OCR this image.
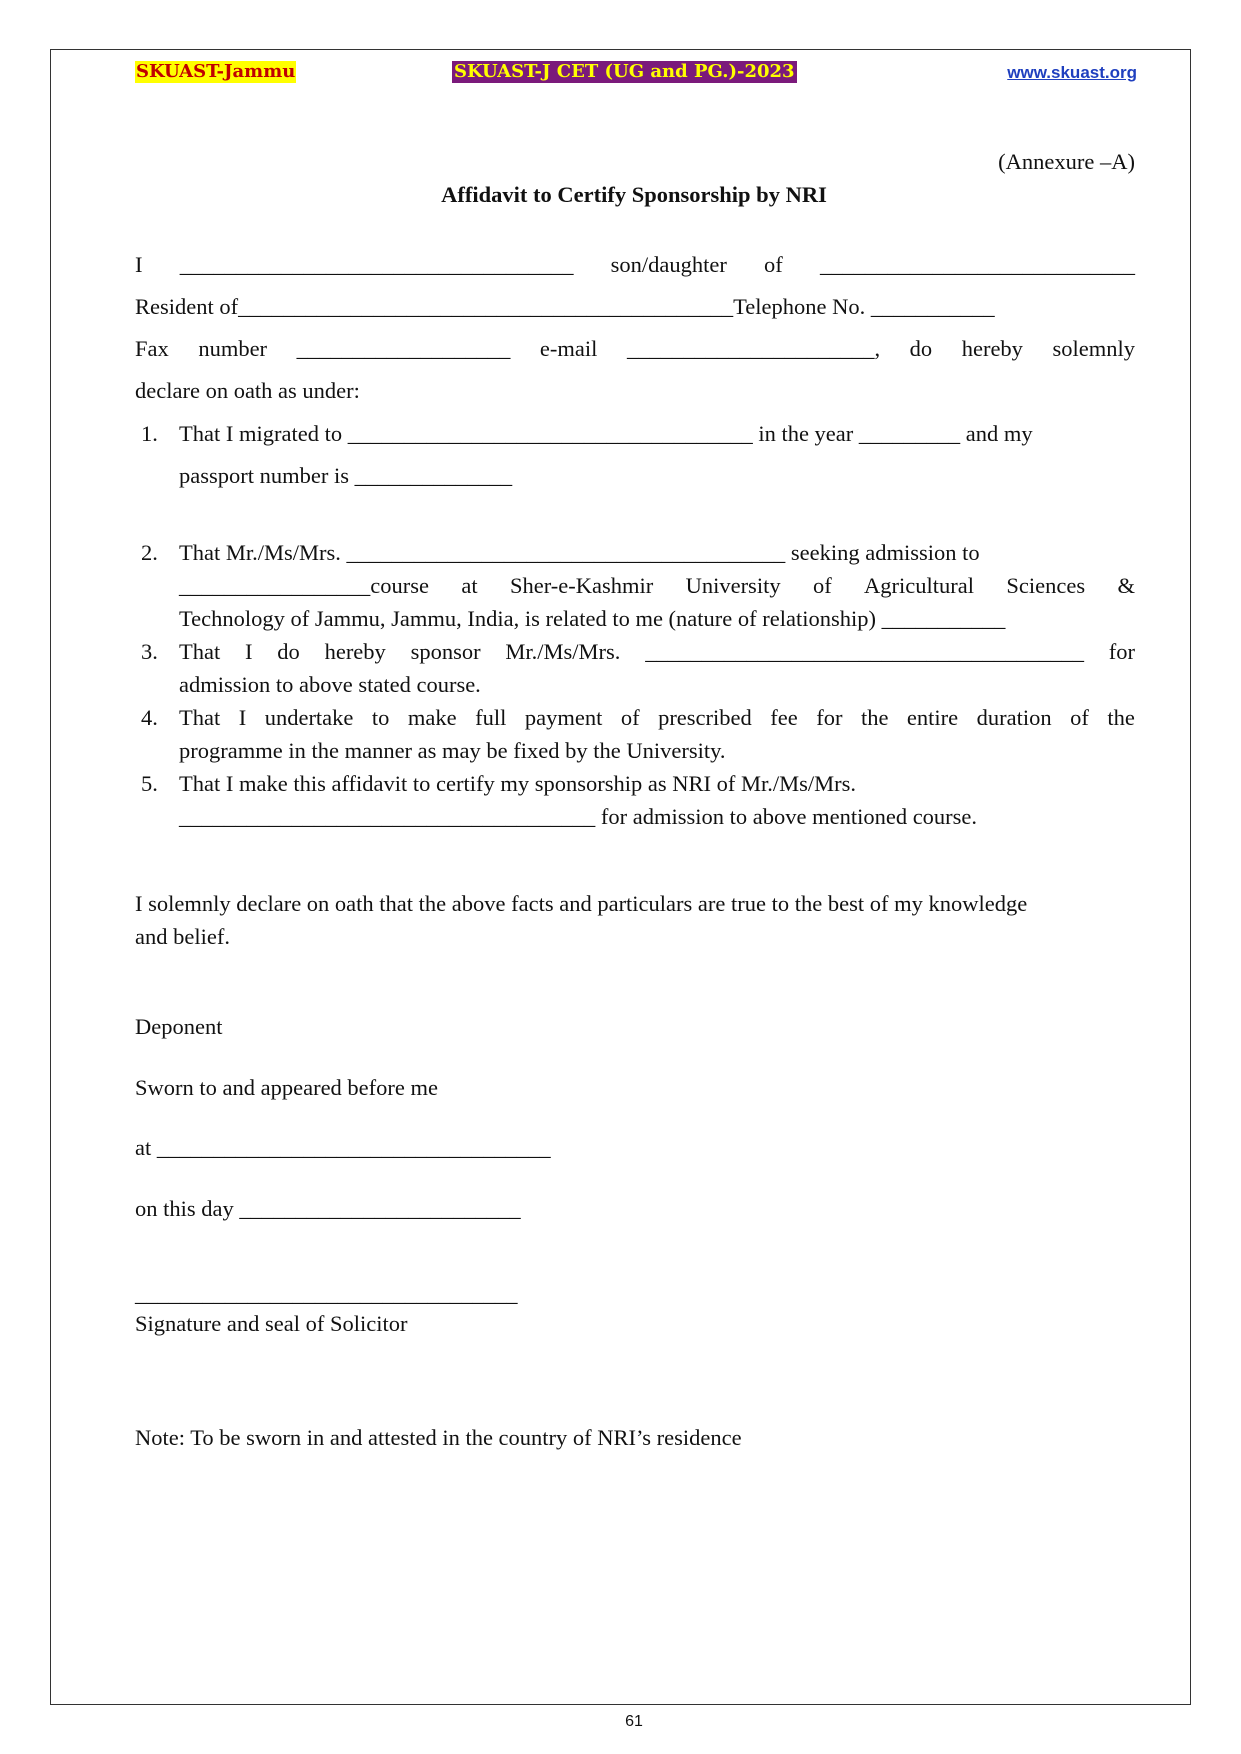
SKUAST-Jammu	SKUAST-J CET (UG and PG.)-2023	www.skuast.org
(Annexure –A)
Affidavit to Certify Sponsorship by NRI
I ___________________________________ son/daughter of ____________________________
Resident of____________________________________________Telephone No. ___________
Fax number ___________________ e-mail ______________________, do hereby solemnly
declare on oath as under:
1. That I migrated to ____________________________________ in the year _________ and my
passport number is ______________
2. That Mr./Ms/Mrs. _______________________________________ seeking admission to
_________________course at Sher-e-Kashmir University of Agricultural Sciences &
Technology of Jammu, Jammu, India, is related to me (nature of relationship) ___________
3. That I do hereby sponsor Mr./Ms/Mrs. _______________________________________ for
admission to above stated course.
4. That I undertake to make full payment of prescribed fee for the entire duration of the
programme in the manner as may be fixed by the University.
5. That I make this affidavit to certify my sponsorship as NRI of Mr./Ms/Mrs.
_____________________________________ for admission to above mentioned course.
I solemnly declare on oath that the above facts and particulars are true to the best of my knowledge
and belief.
Deponent
Sworn to and appeared before me
at ___________________________________
on this day _________________________
__________________________________
Signature and seal of Solicitor
Note: To be sworn in and attested in the country of NRI’s residence
61
